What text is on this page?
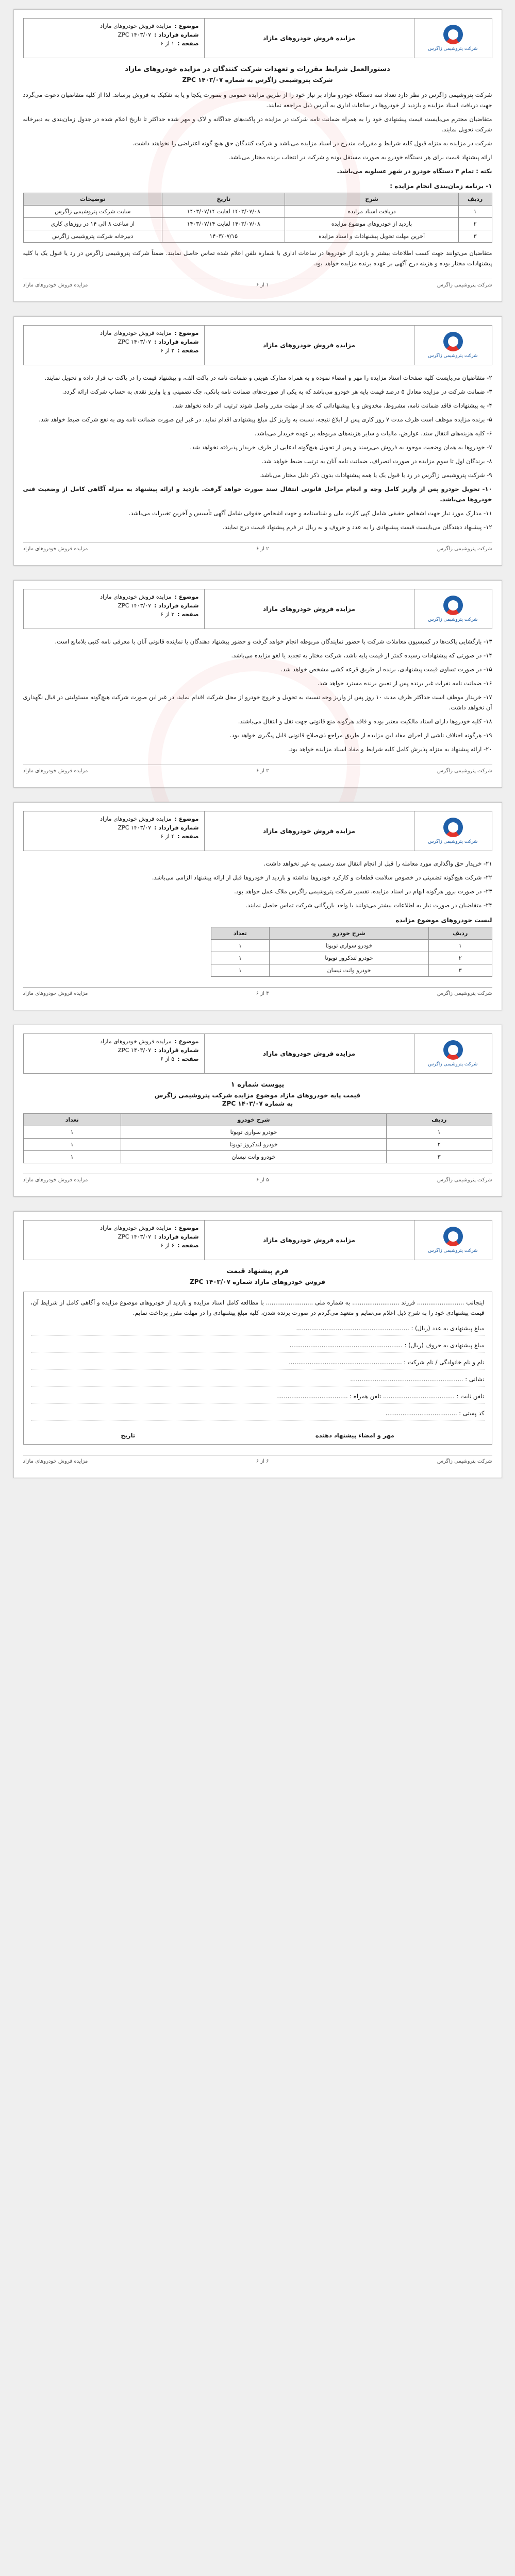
موضوع :
مزایده فروش خودروهای مازاد
شماره قرارداد :
ZPC ۱۴۰۳/۰۷
صفحه :
۱ از ۶
مزایده فروش خودروهای مازاد
شرکت پتروشیمی زاگرس
دستورالعمل شرایط مقررات و تعهدات شرکت کنندگان در مزایده خودروهای مازاد
شرکت پتروشیمی زاگرس به شماره ZPC ۱۴۰۳/۰۷

شرکت پتروشیمی زاگرس در نظر دارد تعداد سه دستگاه خودرو مازاد بر نیاز خود را از طریق مزایده عمومی و بصورت یکجا و یا به تفکیک به فروش برساند. لذا از کلیه متقاضیان دعوت می‌گردد جهت دریافت اسناد مزایده و بازدید از خودروها در ساعات اداری به آدرس ذیل مراجعه نمایند.

متقاضیان محترم می‌بایست قیمت پیشنهادی خود را به همراه ضمانت نامه شرکت در مزایده در پاکت‌های جداگانه و لاک و مهر شده حداکثر تا تاریخ اعلام شده در جدول زمان‌بندی به دبیرخانه شرکت تحویل نمایند.

شرکت در مزایده به منزله قبول کلیه شرایط و مقررات مندرج در اسناد مزایده می‌باشد و شرکت کنندگان حق هیچ گونه اعتراضی را نخواهند داشت.

ارائه پیشنهاد قیمت برای هر دستگاه خودرو به صورت مستقل بوده و شرکت در انتخاب برنده مختار می‌باشد.

نکته : تمام ۳ دستگاه خودرو در شهر عسلویه می‌باشد.

۱- برنامه زمان‌بندی انجام مزایده :
ردیف	شرح	تاریخ	توضیحات
۱	دریافت اسناد مزایده	۱۴۰۳/۰۷/۰۸ لغایت ۱۴۰۳/۰۷/۱۴	سایت شرکت پتروشیمی زاگرس
۲	بازدید از خودروهای موضوع مزایده	۱۴۰۳/۰۷/۰۸ لغایت ۱۴۰۳/۰۷/۱۴	از ساعت ۸ الی ۱۴ در روزهای کاری
۳	آخرین مهلت تحویل پیشنهادات و اسناد مزایده	۱۴۰۳/۰۷/۱۵	دبیرخانه شرکت پتروشیمی زاگرس

متقاضیان می‌توانند جهت کسب اطلاعات بیشتر و بازدید از خودروها در ساعات اداری با شماره تلفن اعلام شده تماس حاصل نمایند. ضمناً شرکت پتروشیمی زاگرس در رد یا قبول یک یا کلیه پیشنهادات مختار بوده و هزینه درج آگهی بر عهده برنده مزایده خواهد بود.

شرکت پتروشیمی زاگرس
۱ از ۶
مزایده فروش خودروهای مازاد
موضوع :
مزایده فروش خودروهای مازاد
شماره قرارداد :
ZPC ۱۴۰۳/۰۷
صفحه :
۲ از ۶
مزایده فروش خودروهای مازاد
شرکت پتروشیمی زاگرس

۲- متقاضیان می‌بایست کلیه صفحات اسناد مزایده را مهر و امضاء نموده و به همراه مدارک هویتی و ضمانت نامه در پاکت الف، و پیشنهاد قیمت را در پاکت ب قرار داده و تحویل نمایند.

۳- ضمانت شرکت در مزایده معادل ۵ درصد قیمت پایه هر خودرو می‌باشد که به یکی از صورت‌های ضمانت نامه بانکی، چک تضمینی و یا واریز نقدی به حساب شرکت ارائه گردد.

۴- به پیشنهادات فاقد ضمانت نامه، مشروط، مخدوش و یا پیشنهاداتی که بعد از مهلت مقرر واصل شوند ترتیب اثر داده نخواهد شد.

۵- برنده مزایده موظف است ظرف مدت ۷ روز کاری پس از ابلاغ نتیجه، نسبت به واریز کل مبلغ پیشنهادی اقدام نماید. در غیر این صورت ضمانت نامه وی به نفع شرکت ضبط خواهد شد.

۶- کلیه هزینه‌های انتقال سند، عوارض، مالیات و سایر هزینه‌های مربوطه بر عهده خریدار می‌باشد.

۷- خودروها به همان وضعیت موجود به فروش می‌رسند و پس از تحویل هیچ‌گونه ادعایی از طرف خریدار پذیرفته نخواهد شد.

۸- برندگان اول تا سوم مزایده در صورت انصراف، ضمانت نامه آنان به ترتیب ضبط خواهد شد.

۹- شرکت پتروشیمی زاگرس در رد یا قبول یک یا همه پیشنهادات بدون ذکر دلیل مختار می‌باشد.

۱۰- تحویل خودرو پس از واریز کامل وجه و انجام مراحل قانونی انتقال سند صورت خواهد گرفت. بازدید و ارائه پیشنهاد به منزله آگاهی کامل از وضعیت فنی خودروها می‌باشد.

۱۱- مدارک مورد نیاز جهت اشخاص حقیقی شامل کپی کارت ملی و شناسنامه و جهت اشخاص حقوقی شامل آگهی تأسیس و آخرین تغییرات می‌باشد.

۱۲- پیشنهاد دهندگان می‌بایست قیمت پیشنهادی را به عدد و حروف و به ریال در فرم پیشنهاد قیمت درج نمایند.

شرکت پتروشیمی زاگرس
۲ از ۶
مزایده فروش خودروهای مازاد
موضوع :
مزایده فروش خودروهای مازاد
شماره قرارداد :
ZPC ۱۴۰۳/۰۷
صفحه :
۳ از ۶
مزایده فروش خودروهای مازاد
شرکت پتروشیمی زاگرس

۱۳- بازگشایی پاکت‌ها در کمیسیون معاملات شرکت با حضور نمایندگان مربوطه انجام خواهد گرفت و حضور پیشنهاد دهندگان یا نماینده قانونی آنان با معرفی نامه کتبی بلامانع است.

۱۴- در صورتی که پیشنهادات رسیده کمتر از قیمت پایه باشد، شرکت مختار به تجدید یا لغو مزایده می‌باشد.

۱۵- در صورت تساوی قیمت پیشنهادی، برنده از طریق قرعه کشی مشخص خواهد شد.

۱۶- ضمانت نامه نفرات غیر برنده پس از تعیین برنده مسترد خواهد شد.

۱۷- خریدار موظف است حداکثر ظرف مدت ۱۰ روز پس از واریز وجه نسبت به تحویل و خروج خودرو از محل شرکت اقدام نماید، در غیر این صورت شرکت هیچ‌گونه مسئولیتی در قبال نگهداری آن نخواهد داشت.

۱۸- کلیه خودروها دارای اسناد مالکیت معتبر بوده و فاقد هرگونه منع قانونی جهت نقل و انتقال می‌باشند.

۱۹- هرگونه اختلاف ناشی از اجرای مفاد این مزایده از طریق مراجع ذی‌صلاح قانونی قابل پیگیری خواهد بود.

۲۰- ارائه پیشنهاد به منزله پذیرش کامل کلیه شرایط و مفاد اسناد مزایده خواهد بود.

شرکت پتروشیمی زاگرس
۳ از ۶
مزایده فروش خودروهای مازاد
موضوع :
مزایده فروش خودروهای مازاد
شماره قرارداد :
ZPC ۱۴۰۳/۰۷
صفحه :
۴ از ۶
مزایده فروش خودروهای مازاد
شرکت پتروشیمی زاگرس

۲۱- خریدار حق واگذاری مورد معامله را قبل از انجام انتقال سند رسمی به غیر نخواهد داشت.

۲۲- شرکت هیچ‌گونه تضمینی در خصوص سلامت قطعات و کارکرد خودروها نداشته و بازدید از خودروها قبل از ارائه پیشنهاد الزامی می‌باشد.

۲۳- در صورت بروز هرگونه ابهام در اسناد مزایده، تفسیر شرکت پتروشیمی زاگرس ملاک عمل خواهد بود.

۲۴- متقاضیان در صورت نیاز به اطلاعات بیشتر می‌توانند با واحد بازرگانی شرکت تماس حاصل نمایند.

لیست خودروهای موضوع مزایده
ردیف	شرح خودرو	تعداد
۱	خودرو سواری تویوتا	۱
۲	خودرو لندکروز تویوتا	۱
۳	خودرو وانت نیسان	۱
شرکت پتروشیمی زاگرس
۴ از ۶
مزایده فروش خودروهای مازاد
موضوع :
مزایده فروش خودروهای مازاد
شماره قرارداد :
ZPC ۱۴۰۳/۰۷
صفحه :
۵ از ۶
مزایده فروش خودروهای مازاد
شرکت پتروشیمی زاگرس
پیوست شماره ۱
قیمت پایه خودروهای مازاد موضوع مزایده شرکت پتروشیمی زاگرس
به شماره ZPC ۱۴۰۳/۰۷
ردیف	شرح خودرو	تعداد
۱	خودرو سواری تویوتا	۱
۲	خودرو لندکروز تویوتا	۱
۳	خودرو وانت نیسان	۱
شرکت پتروشیمی زاگرس
۵ از ۶
مزایده فروش خودروهای مازاد
موضوع :
مزایده فروش خودروهای مازاد
شماره قرارداد :
ZPC ۱۴۰۳/۰۷
صفحه :
۶ از ۶
مزایده فروش خودروهای مازاد
شرکت پتروشیمی زاگرس
فرم پیشنهاد قیمت
فروش خودروهای مازاد شماره ZPC ۱۴۰۳/۰۷

اینجانب ......................... فرزند ......................... به شماره ملی ......................... با مطالعه کامل اسناد مزایده و بازدید از خودروهای موضوع مزایده و آگاهی کامل از شرایط آن، قیمت پیشنهادی خود را به شرح ذیل اعلام می‌نمایم و متعهد می‌گردم در صورت برنده شدن، کلیه مبلغ پیشنهادی را در مهلت مقرر پرداخت نمایم.

مبلغ پیشنهادی به عدد (ریال) : ............................................................
مبلغ پیشنهادی به حروف (ریال) : ............................................................
نام و نام خانوادگی / نام شرکت : ............................................................
نشانی : ............................................................
تلفن ثابت : ...................................... تلفن همراه : ......................................
کد پستی : ......................................
مهر و امضاء پیشنهاد دهنده
تاریخ
شرکت پتروشیمی زاگرس
۶ از ۶
مزایده فروش خودروهای مازاد
